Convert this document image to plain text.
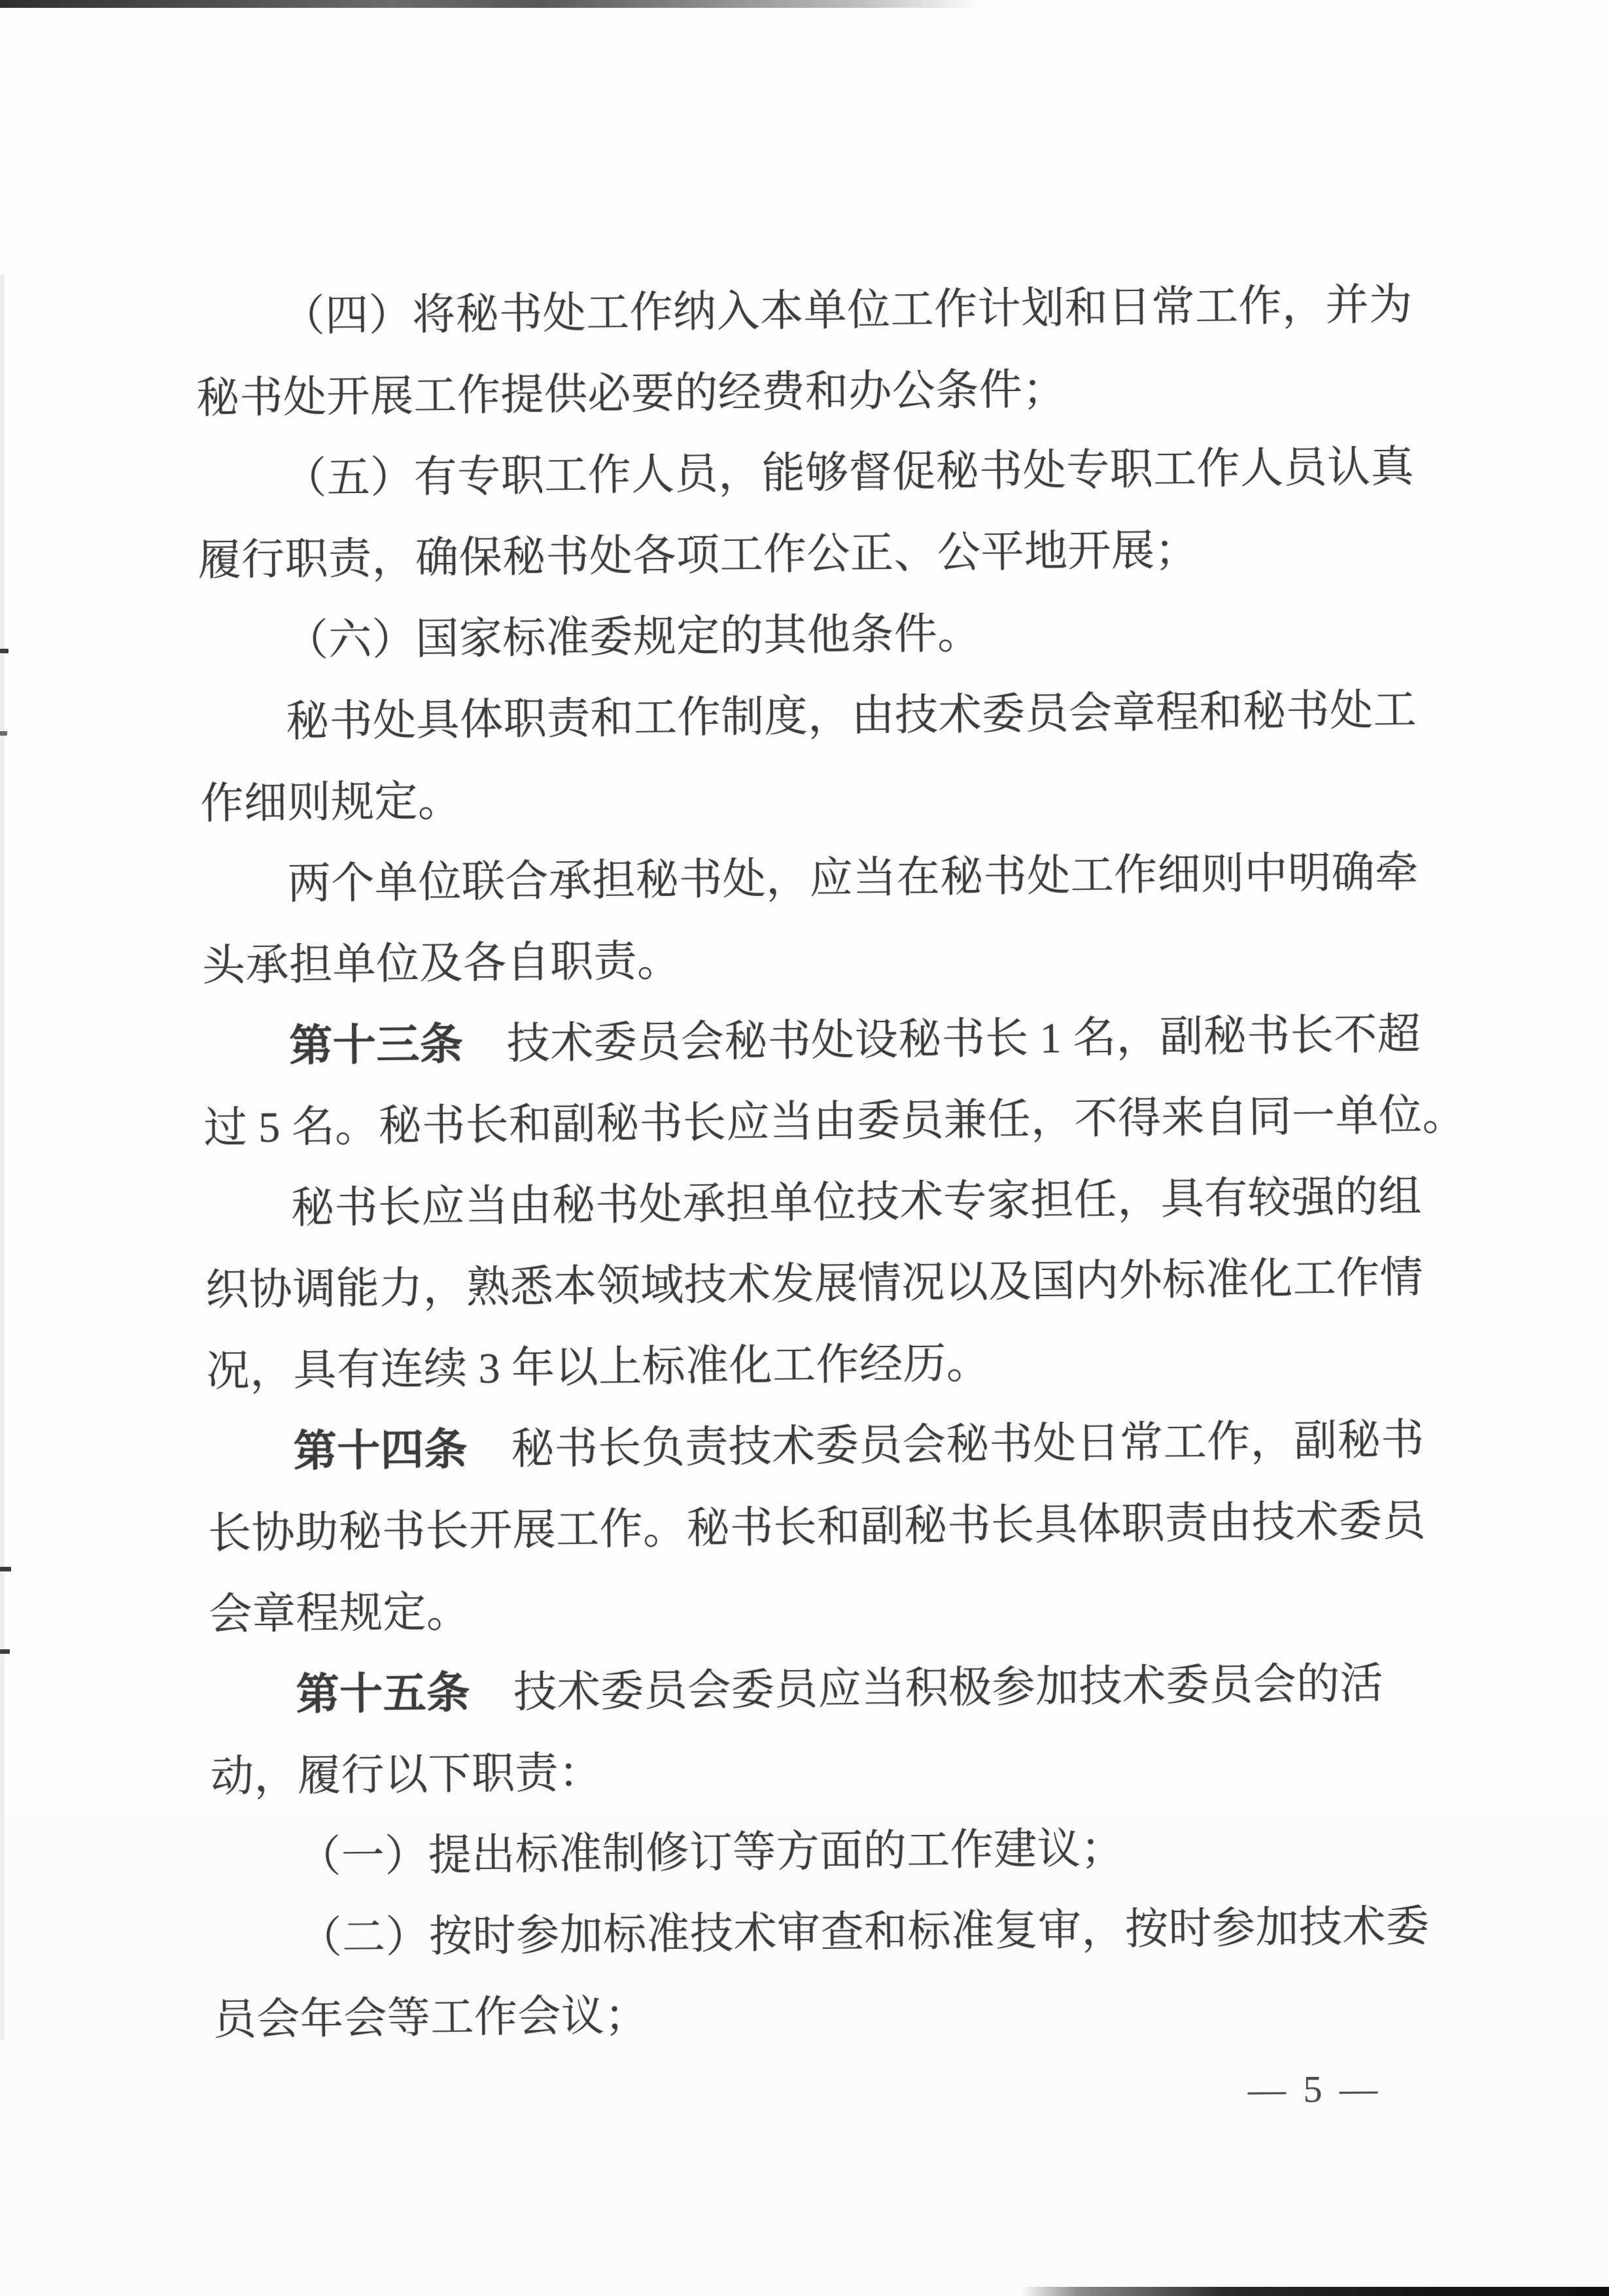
（四）将秘书处工作纳入本单位工作计划和日常工作，并为
秘书处开展工作提供必要的经费和办公条件；
（五）有专职工作人员，能够督促秘书处专职工作人员认真
履行职责，确保秘书处各项工作公正、公平地开展；
（六）国家标准委规定的其他条件。
秘书处具体职责和工作制度，由技术委员会章程和秘书处工
作细则规定。
两个单位联合承担秘书处，应当在秘书处工作细则中明确牵
头承担单位及各自职责。
第十三条　技术委员会秘书处设秘书长 1 名，副秘书长不超
过 5 名。秘书长和副秘书长应当由委员兼任，不得来自同一单位。
秘书长应当由秘书处承担单位技术专家担任，具有较强的组
织协调能力，熟悉本领域技术发展情况以及国内外标准化工作情
况，具有连续 3 年以上标准化工作经历。
第十四条　秘书长负责技术委员会秘书处日常工作，副秘书
长协助秘书长开展工作。秘书长和副秘书长具体职责由技术委员
会章程规定。
第十五条　技术委员会委员应当积极参加技术委员会的活
动，履行以下职责：
（一）提出标准制修订等方面的工作建议；
（二）按时参加标准技术审查和标准复审，按时参加技术委
员会年会等工作会议；
— 5 —
